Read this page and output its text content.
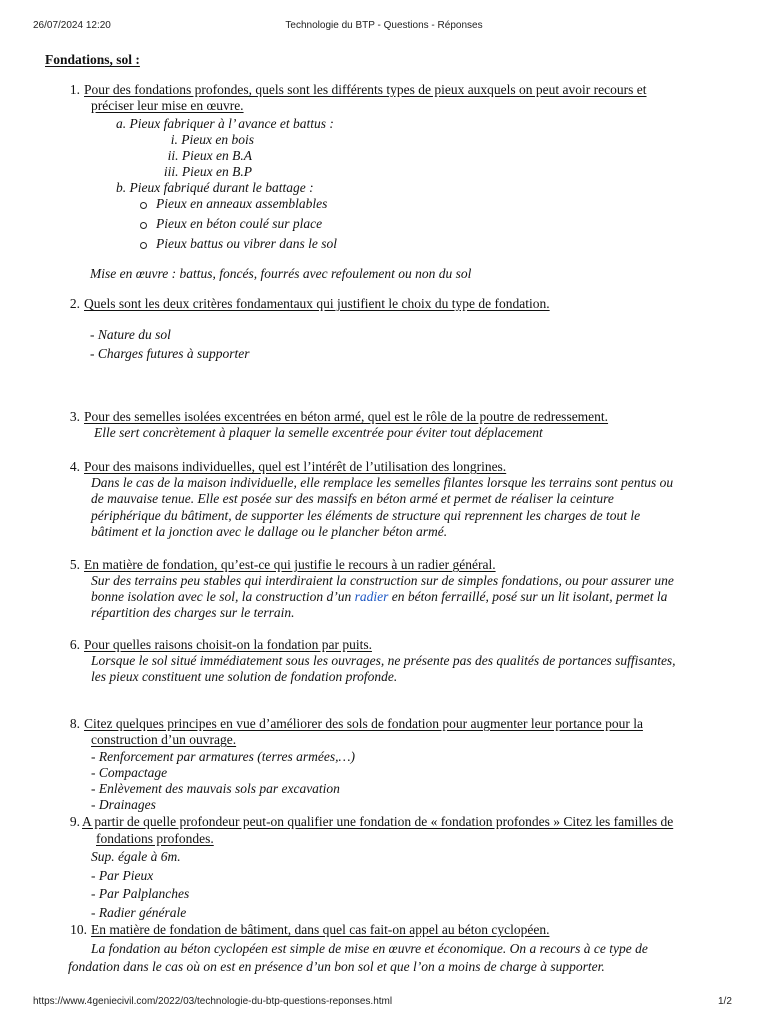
26/07/2024 12:20	Technologie du BTP - Questions - Réponses
Fondations, sol :
1. Pour des fondations profondes, quels sont les différents types de pieux auxquels on peut avoir recours et
préciser leur mise en œuvre.
a. Pieux fabriquer à l’ avance et battus :
i. Pieux en bois
ii. Pieux en B.A
iii. Pieux en B.P
b. Pieux fabriqué durant le battage :
Pieux en anneaux assemblables
Pieux en béton coulé sur place
Pieux battus ou vibrer dans le sol
Mise en œuvre : battus, foncés, fourrés avec refoulement ou non du sol
2. Quels sont les deux critères fondamentaux qui justifient le choix du type de fondation.
- Nature du sol
- Charges futures à supporter
3. Pour des semelles isolées excentrées en béton armé, quel est le rôle de la poutre de redressement.
Elle sert concrètement à plaquer la semelle excentrée pour éviter tout déplacement
4. Pour des maisons individuelles, quel est l’intérêt de l’utilisation des longrines.
Dans le cas de la maison individuelle, elle remplace les semelles filantes lorsque les terrains sont pentus ou
de mauvaise tenue. Elle est posée sur des massifs en béton armé et permet de réaliser la ceinture
périphérique du bâtiment, de supporter les éléments de structure qui reprennent les charges de tout le
bâtiment et la jonction avec le dallage ou le plancher béton armé.
5. En matière de fondation, qu’est-ce qui justifie le recours à un radier général.
Sur des terrains peu stables qui interdiraient la construction sur de simples fondations, ou pour assurer une
bonne isolation avec le sol, la construction d’un radier en béton ferraillé, posé sur un lit isolant, permet la
répartition des charges sur le terrain.
6. Pour quelles raisons choisit-on la fondation par puits.
Lorsque le sol situé immédiatement sous les ouvrages, ne présente pas des qualités de portances suffisantes,
les pieux constituent une solution de fondation profonde.
8. Citez quelques principes en vue d’améliorer des sols de fondation pour augmenter leur portance pour la
construction d’un ouvrage.
- Renforcement par armatures (terres armées,…)
- Compactage
- Enlèvement des mauvais sols par excavation
- Drainages
9. A partir de quelle profondeur peut-on qualifier une fondation de « fondation profondes » Citez les familles de
fondations profondes.
Sup. égale à 6m.
- Par Pieux
- Par Palplanches
- Radier générale
10. En matière de fondation de bâtiment, dans quel cas fait-on appel au béton cyclopéen.
La fondation au béton cyclopéen est simple de mise en œuvre et économique. On a recours à ce type de
fondation dans le cas où on est en présence d’un bon sol et que l’on a moins de charge à supporter.
https://www.4geniecivil.com/2022/03/technologie-du-btp-questions-reponses.html	1/2
